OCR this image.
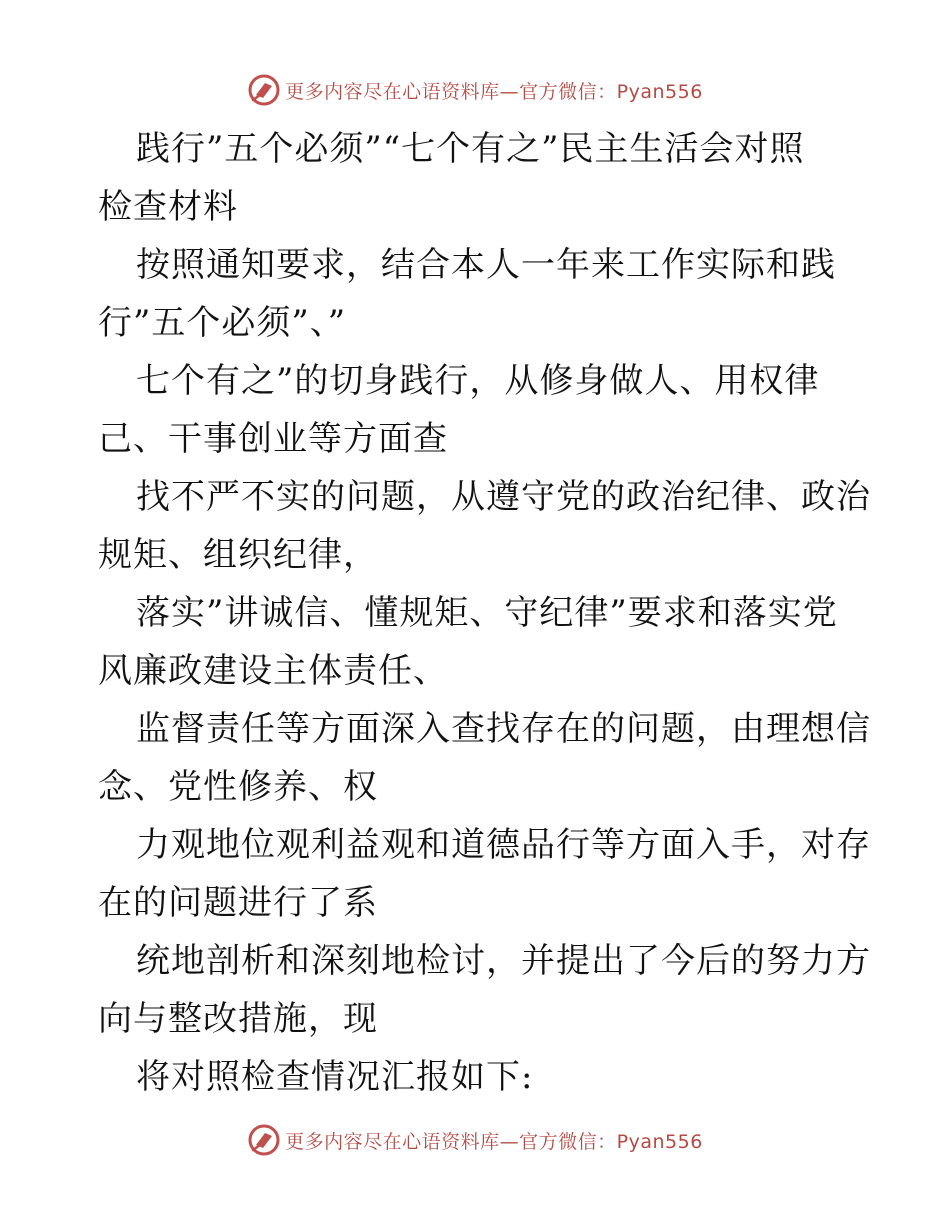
更多内容尽在心语资料库—官方微信：Pyan556

践行”五个必须”“七个有之”民主生活会对照
检查材料

按照通知要求，结合本人一年来工作实际和践
行”五个必须”、”

七个有之”的切身践行，从修身做人、用权律
己、干事创业等方面查

找不严不实的问题，从遵守党的政治纪律、政治
规矩、组织纪律，

落实”讲诚信、懂规矩、守纪律”要求和落实党
风廉政建设主体责任、

监督责任等方面深入查找存在的问题，由理想信
念、党性修养、权

力观地位观利益观和道德品行等方面入手，对存
在的问题进行了系

统地剖析和深刻地检讨，并提出了今后的努力方
向与整改措施，现

将对照检查情况汇报如下:

更多内容尽在心语资料库—官方微信：Pyan556
